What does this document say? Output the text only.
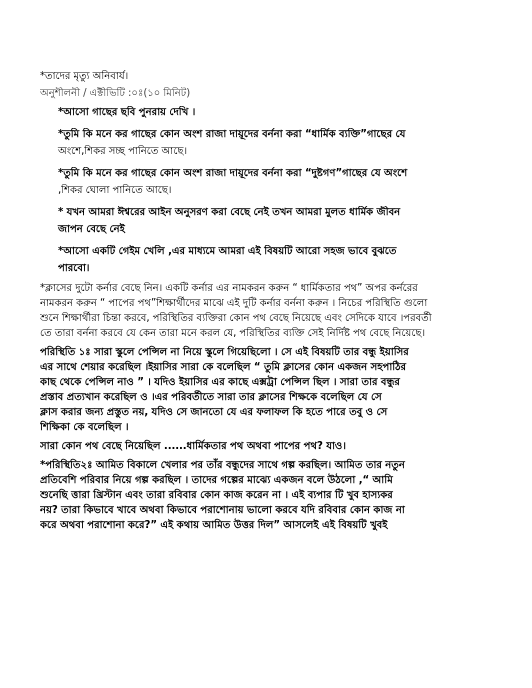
*তাদের মৃত্যু অনিবার্য।

অনুশীলনী / এক্টীভিটি :০ঃ(১০ মিনিট)

*আসো গাছের ছবি পুনরায় দেখি ।

*তুমি কি মনে কর গাছের কোন অংশ রাজা দায়ূদের বর্ননা করা “ধার্মিক ব্যক্তি”গাছের যে

অংশে,শিকর সচ্ছ পানিতে আছে।

*তুমি কি মনে কর গাছের কোন অংশ রাজা দায়ূদের বর্ননা করা “দুষ্টগণ”গাছের যে অংশে

,শিকর ঘোলা পানিতে আছে।

* যখন আমরা ঈশ্বরের আইন অনুসরণ করা বেছে নেই তখন আমরা মুলত ধার্মিক জীবন

জাপন বেছে নেই

*আসো একটি গেইম খেলি ,এর মাধ্যমে আমরা এই বিষয়টি আরো সহজ ভাবে বুঝতে

পারবো।

*ক্লাসের দুটো কর্নার বেছে নিন। একটি কর্নার এর নামকরন করুন “ ধার্মিকতার পথ” অপর কর্নরের

নামকরন করুন “ পাপের পথ”শিক্ষার্থীদের মাঝে এই দুটি কর্নার বর্ননা করুন । নিচের পরিস্থিতি গুলো

শুনে শিক্ষার্থীরা চিন্তা করবে, পরিস্থিতির ব্যক্তিরা কোন পথ বেছে নিয়েছে এবং সেদিকে যাবে ।পরবর্তী

তে তারা বর্ননা করবে যে কেন তারা মনে করল যে, পরিস্থিতির ব্যক্তি সেই নির্দিষ্ট পথ বেছে নিয়েছে।

পরিস্থিতি ১ঃ সারা স্কুলে পেন্সিল না নিয়ে স্কুলে গিয়েছিলো । সে এই বিষয়টি তার বন্ধু ইয়াসির

এর সাথে শেয়ার করেছিল ।ইয়াসির সারা কে বলেছিল “ তুমি ক্লাসের কোন একজন সহপাঠির

কাছ থেকে পেন্সিল নাও ” । যদিও ইয়াসির এর কাছে এক্সট্রা পেন্সিল ছিল । সারা তার বন্ধুর

প্রস্তাব প্রত্যখান করেছিল ও ।এর পরিবর্তীতে সারা তার ক্লাসের শিক্ষকে বলেছিল যে সে

ক্লাস করার জন্য প্রস্তুত নয়, যদিও সে জানতো যে এর ফলাফল কি হতে পারে তবু ও সে

শিক্ষিকা কে বলেছিল ।

সারা কোন পথ বেছে নিয়েছিল ......ধার্মিকতার পথ অথবা পাপের পথ? যাও।

*পরিস্থিতি২ঃ আমিত বিকালে খেলার পর তাঁর বন্ধুদের সাথে গল্প করছিল। আমিত তার নতুন

প্রতিবেশি পরিবার নিয়ে গল্প করছিল । তাদের গল্পের মাঝ্যে একজন বলে উঠলো ,“ আমি

শুনেছি ত্তারা খ্রিস্টান এবং তারা রবিবার কোন কাজ করেন না । এই ব্যপার টি খুব হাস্যকর

নয়? তারা কিভাবে খাবে অথবা কিভাবে পরাশোনায় ভালো করবে যদি রবিবার কোন কাজ না

করে অথবা পরাশোনা করে?” এই কথায় আমিত উত্তর দিল” আসলেই এই বিষয়টি খুবই
